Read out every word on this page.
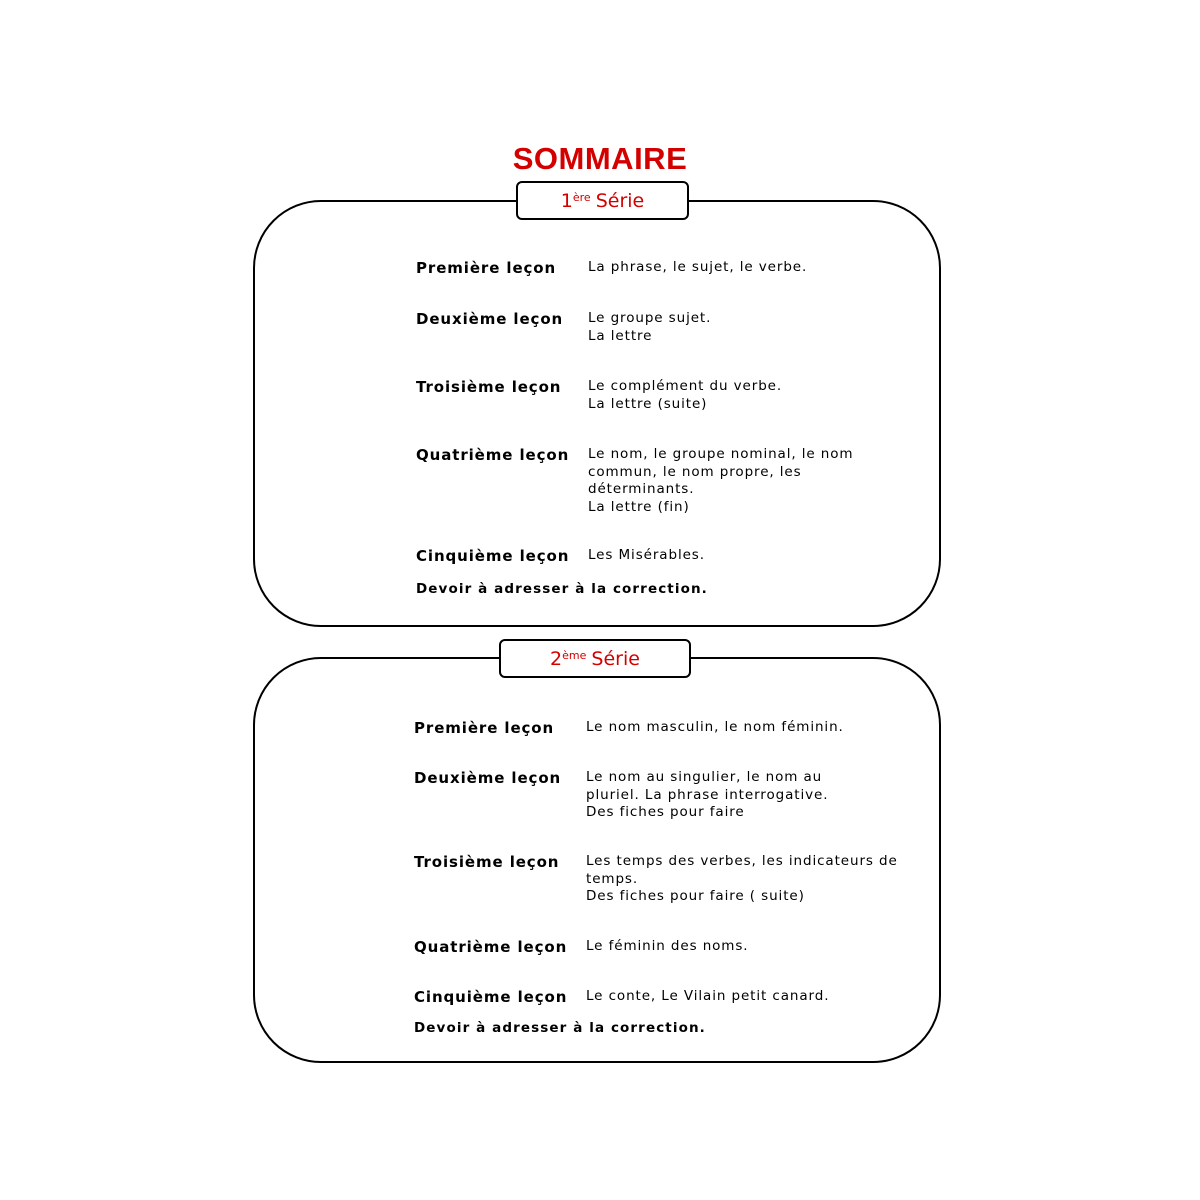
SOMMAIRE
1ère Série
Première leçon	La phrase, le sujet, le verbe.
Deuxième leçon	Le groupe sujet.
La lettre
Troisième leçon	Le complément du verbe.
La lettre (suite)
Quatrième leçon	Le nom, le groupe nominal, le nom
commun, le nom propre, les
déterminants.
La lettre (fin)
Cinquième leçon	Les Misérables.
Devoir à adresser à la correction.
2ème Série
Première leçon	Le nom masculin, le nom féminin.
Deuxième leçon	Le nom au singulier, le nom au
pluriel. La phrase interrogative.
Des fiches pour faire
Troisième leçon	Les temps des verbes, les indicateurs de
temps.
Des fiches pour faire ( suite)
Quatrième leçon	Le féminin des noms.
Cinquième leçon	Le conte, Le Vilain petit canard.
Devoir à adresser à la correction.
